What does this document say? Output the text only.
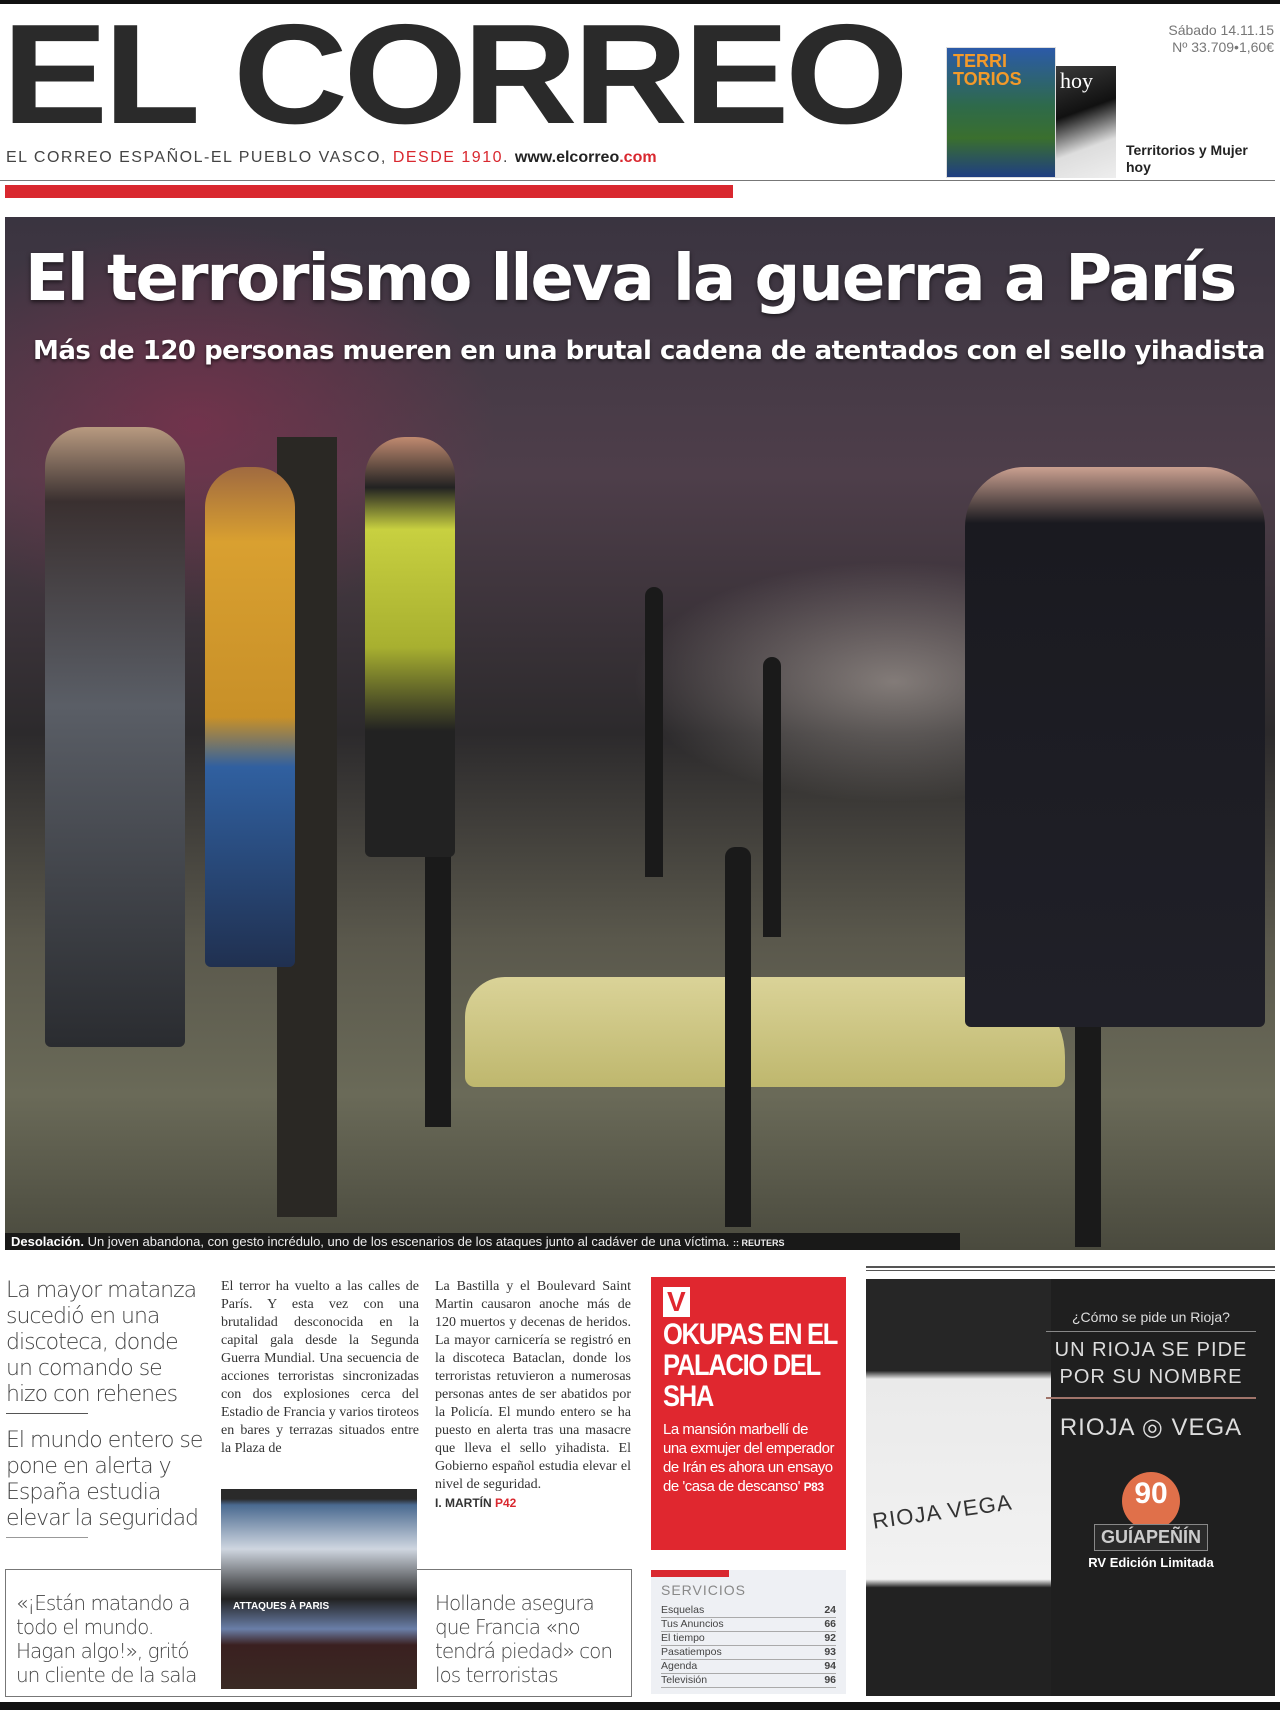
EL CORREO
EL CORREO ESPAÑOL-EL PUEBLO VASCO, DESDE 1910. www.elcorreo.com
Sábado 14.11.15
Nº 33.709•1,60€
TERRI TORIOS	hoy
Territorios y Mujer hoy
El terrorismo lleva la guerra a París
Más de 120 personas mueren en una brutal cadena de atentados con el sello yihadista
Desolación. Un joven abandona, con gesto incrédulo, uno de los escenarios de los ataques junto al cadáver de una víctima. :: REUTERS
La mayor matanza sucedió en una discoteca, donde un comando se hizo con rehenes
El mundo entero se pone en alerta y España estudia elevar la seguridad
El terror ha vuelto a las calles de París. Y esta vez con una brutalidad desconocida en la capital gala desde la Segunda Guerra Mundial. Una secuencia de acciones terroristas sincronizadas con dos explosiones cerca del Estadio de Francia y varios tiroteos en bares y terrazas situados entre la Plaza de
La Bastilla y el Boulevard Saint Martin causaron anoche más de 120 muertos y decenas de heridos. La mayor carnicería se registró en la discoteca Bataclan, donde los terroristas retuvieron a numerosas personas antes de ser abatidos por la Policía. El mundo entero se ha puesto en alerta tras una masacre que lleva el sello yihadista. El Gobierno español estudia elevar el nivel de seguridad.
I. MARTÍN P42
ATTAQUES À PARIS
«¡Están matando a todo el mundo. Hagan algo!», gritó un cliente de la sala
Hollande asegura que Francia «no tendrá piedad» con los terroristas
V
OKUPAS EN EL PALACIO DEL SHA
La mansión marbellí de una exmujer del emperador de Irán es ahora un ensayo de 'casa de descanso' P83
SERVICIOS
Esquelas	24
Tus Anuncios	66
El tiempo	92
Pasatiempos	93
Agenda	94
Televisión	96
RIOJA VEGA
¿Cómo se pide un Rioja?
UN RIOJA SE PIDE POR SU NOMBRE
RIOJA ◎ VEGA
90
GUÍAPEÑÍN
RV Edición Limitada
